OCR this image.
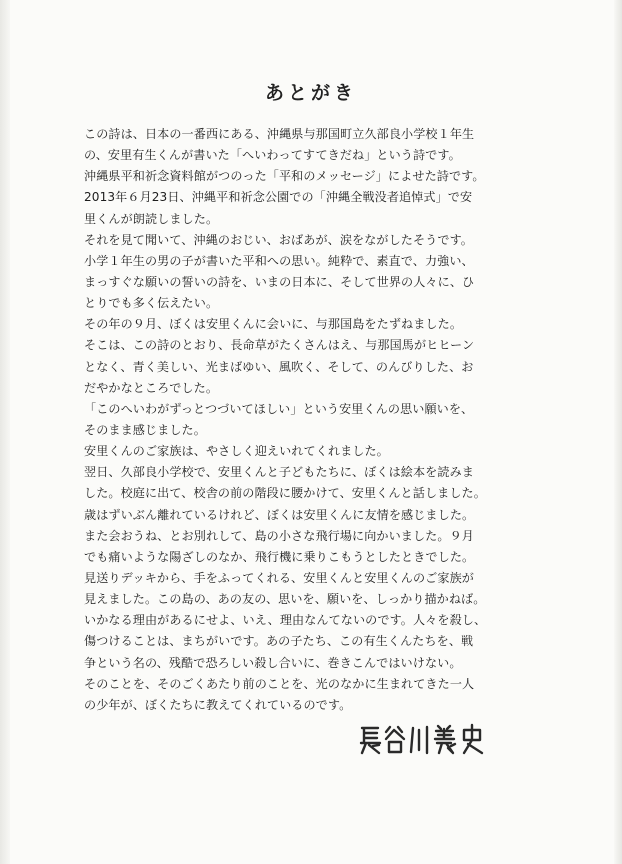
あとがき
この詩は、日本の一番西にある、沖縄県与那国町立久部良小学校１年生
の、安里有生くんが書いた「へいわってすてきだね」という詩です。
沖縄県平和祈念資料館がつのった「平和のメッセージ」によせた詩です。
2013年６月23日、沖縄平和祈念公園での「沖縄全戦没者追悼式」で安
里くんが朗読しました。
それを見て聞いて、沖縄のおじい、おばあが、涙をながしたそうです。
小学１年生の男の子が書いた平和への思い。純粋で、素直で、力強い、
まっすぐな願いの誓いの詩を、いまの日本に、そして世界の人々に、ひ
とりでも多く伝えたい。
その年の９月、ぼくは安里くんに会いに、与那国島をたずねました。
そこは、この詩のとおり、長命草がたくさんはえ、与那国馬がヒヒーン
となく、青く美しい、光まばゆい、風吹く、そして、のんびりした、お
だやかなところでした。
「このへいわがずっとつづいてほしい」という安里くんの思い願いを、
そのまま感じました。
安里くんのご家族は、やさしく迎えいれてくれました。
翌日、久部良小学校で、安里くんと子どもたちに、ぼくは絵本を読みま
した。校庭に出て、校舎の前の階段に腰かけて、安里くんと話しました。
歳はずいぶん離れているけれど、ぼくは安里くんに友情を感じました。
また会おうね、とお別れして、島の小さな飛行場に向かいました。９月
でも痛いような陽ざしのなか、飛行機に乗りこもうとしたときでした。
見送りデッキから、手をふってくれる、安里くんと安里くんのご家族が
見えました。この島の、あの友の、思いを、願いを、しっかり描かねば。
いかなる理由があるにせよ、いえ、理由なんてないのです。人々を殺し、
傷つけることは、まちがいです。あの子たち、この有生くんたちを、戦
争という名の、残酷で恐ろしい殺し合いに、巻きこんではいけない。
そのことを、そのごくあたり前のことを、光のなかに生まれてきた一人
の少年が、ぼくたちに教えてくれているのです。
